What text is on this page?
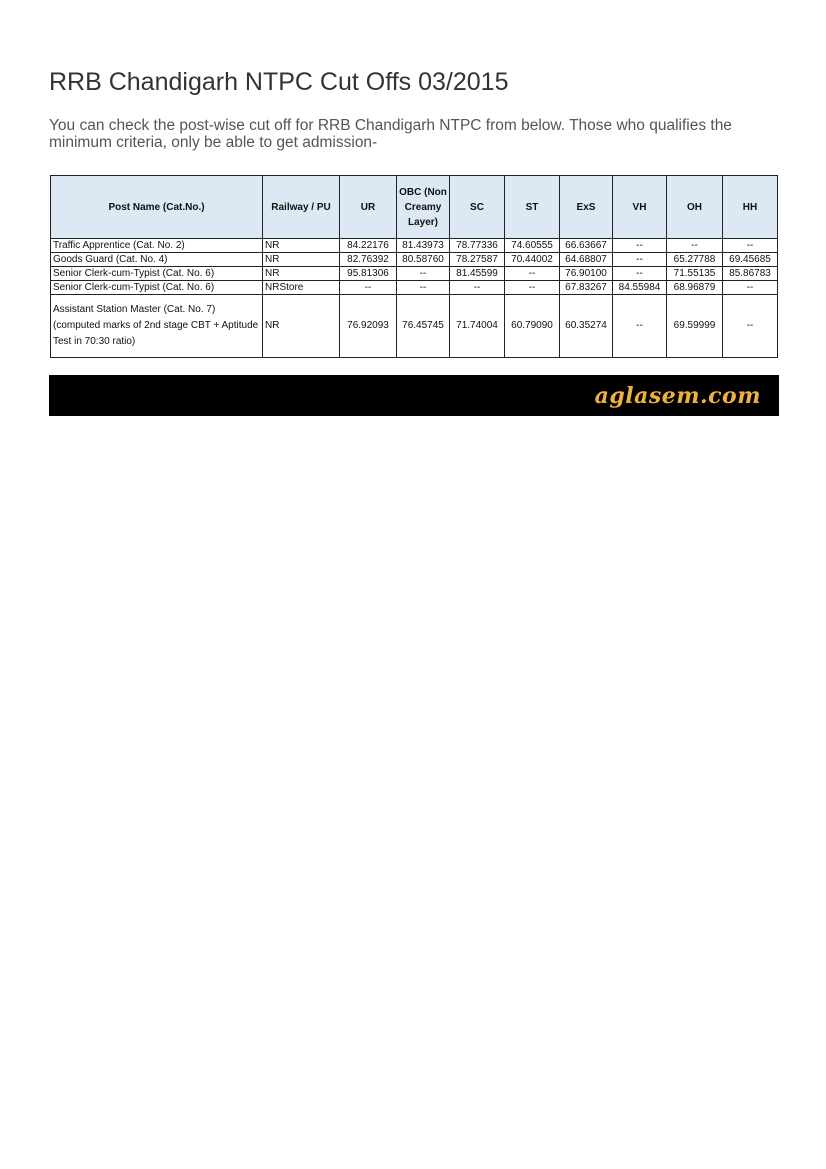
RRB Chandigarh NTPC Cut Offs 03/2015

You can check the post-wise cut off for RRB Chandigarh NTPC from below. Those who qualifies the minimum criteria, only be able to get admission-

Post Name (Cat.No.)	Railway / PU	UR	OBC (Non Creamy Layer)	SC	ST	ExS	VH	OH	HH
Traffic Apprentice (Cat. No. 2)	NR	84.22176	81.43973	78.77336	74.60555	66.63667	--	--	--
Goods Guard (Cat. No. 4)	NR	82.76392	80.58760	78.27587	70.44002	64.68807	--	65.27788	69.45685
Senior Clerk-cum-Typist (Cat. No. 6)	NR	95.81306	--	81.45599	--	76.90100	--	71.55135	85.86783
Senior Clerk-cum-Typist (Cat. No. 6)	NRStore	--	--	--	--	67.83267	84.55984	68.96879	--
Assistant Station Master (Cat. No. 7) (computed marks of 2nd stage CBT + Aptitude Test in 70:30 ratio)	NR	76.92093	76.45745	71.74004	60.79090	60.35274	--	69.59999	--
aglasem.com
